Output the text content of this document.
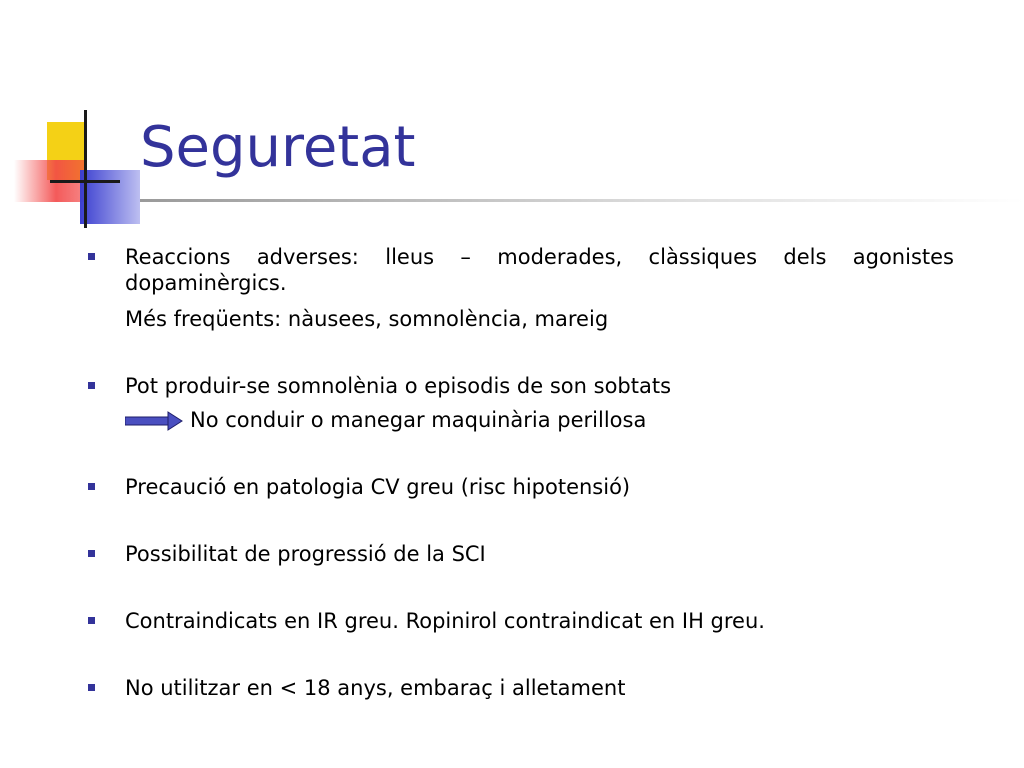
Seguretat
Reaccions adverses: lleus – moderades, clàssiques dels agonistes dopaminèrgics.
Més freqüents: nàusees, somnolència, mareig
Pot produir-se somnolènia o episodis de son sobtats
No conduir o manegar maquinària perillosa
Precaució en patologia CV greu (risc hipotensió)
Possibilitat de progressió de la SCI
Contraindicats en IR greu. Ropinirol contraindicat en IH greu.
No utilitzar en < 18 anys, embaraç i alletament
